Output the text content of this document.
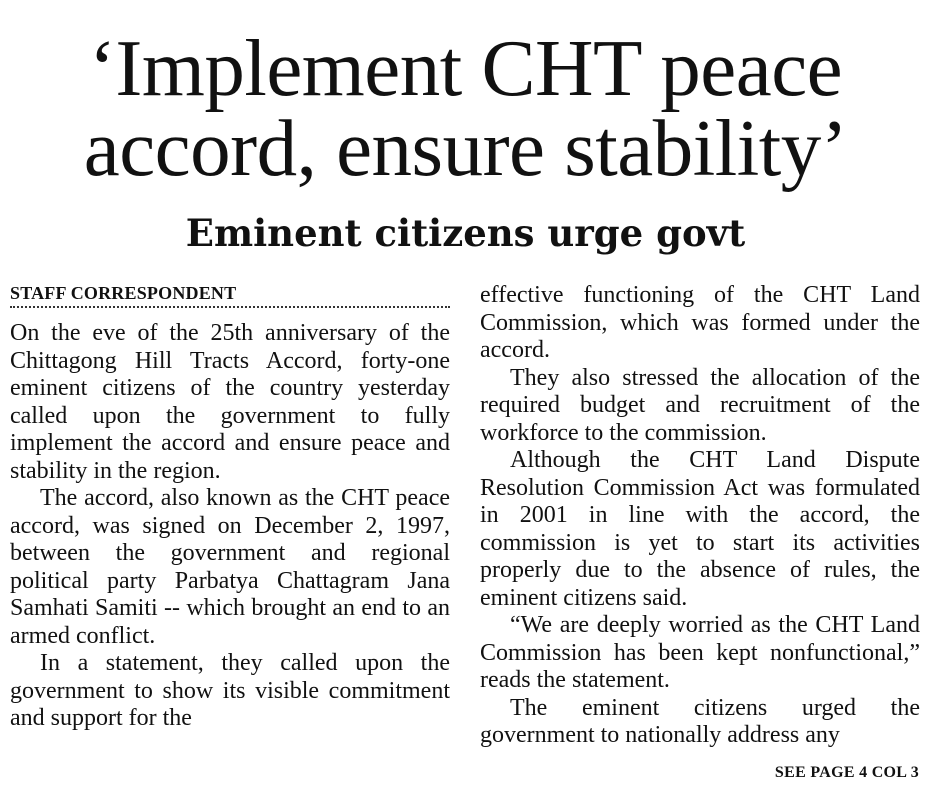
‘Implement CHT peace accord, ensure stability’
Eminent citizens urge govt
STAFF CORRESPONDENT

On the eve of the 25th anniversary of the Chittagong Hill Tracts Accord, forty-one eminent citizens of the country yesterday called upon the government to fully implement the accord and ensure peace and stability in the region.

The accord, also known as the CHT peace accord, was signed on December 2, 1997, between the government and regional political party Parbatya Chattagram Jana Samhati Samiti -- which brought an end to an armed conflict.

In a statement, they called upon the government to show its visible commitment and support for the

effective functioning of the CHT Land Commission, which was formed under the accord.

They also stressed the allocation of the required budget and recruitment of the workforce to the commission.

Although the CHT Land Dispute Resolution Commission Act was formulated in 2001 in line with the accord, the commission is yet to start its activities properly due to the absence of rules, the eminent citizens said.

“We are deeply worried as the CHT Land Commission has been kept nonfunctional,” reads the statement.

The eminent citizens urged the government to nationally address any

SEE PAGE 4 COL 3
